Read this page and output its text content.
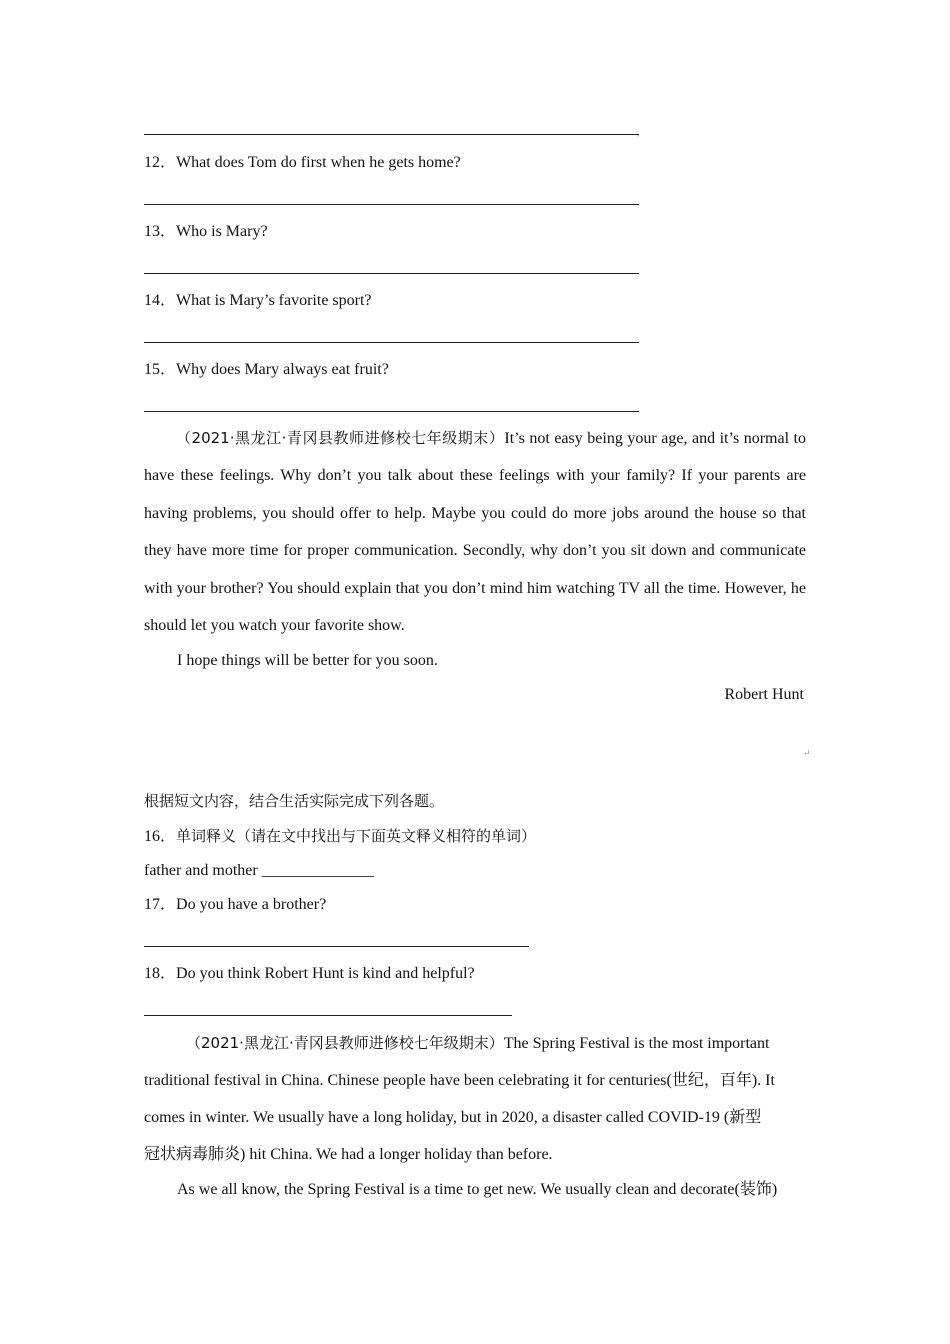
,
12．What does Tom do first when he gets home?
13．Who is Mary?
14．What is Mary’s favorite sport?
15．Why does Mary always eat fruit?
（2021·黑龙江·青冈县教师进修校七年级期末）It’s not easy being your age, and it’s normal to have these feelings. Why don’t you talk about these feelings with your family? If your parents are having problems, you should offer to help. Maybe you could do more jobs around the house so that they have more time for proper communication. Secondly, why don’t you sit down and communicate with your brother? You should explain that you don’t mind him watching TV all the time. However, he should let you watch your favorite show.
I hope things will be better for you soon.
Robert Hunt
↵
根据短文内容，结合生活实际完成下列各题。
16．单词释义（请在文中找出与下面英文释义相符的单词）
father and mother ______________
17．Do you have a brother?
18．Do you think Robert Hunt is kind and helpful?
（2021·黑龙江·青冈县教师进修校七年级期末）The Spring Festival is the most important
traditional festival in China. Chinese people have been celebrating it for centuries(世纪，百年). It
comes in winter. We usually have a long holiday, but in 2020, a disaster called COVID-19 (新型
冠状病毒肺炎) hit China. We had a longer holiday than before.
As we all know, the Spring Festival is a time to get new. We usually clean and decorate(装饰)
